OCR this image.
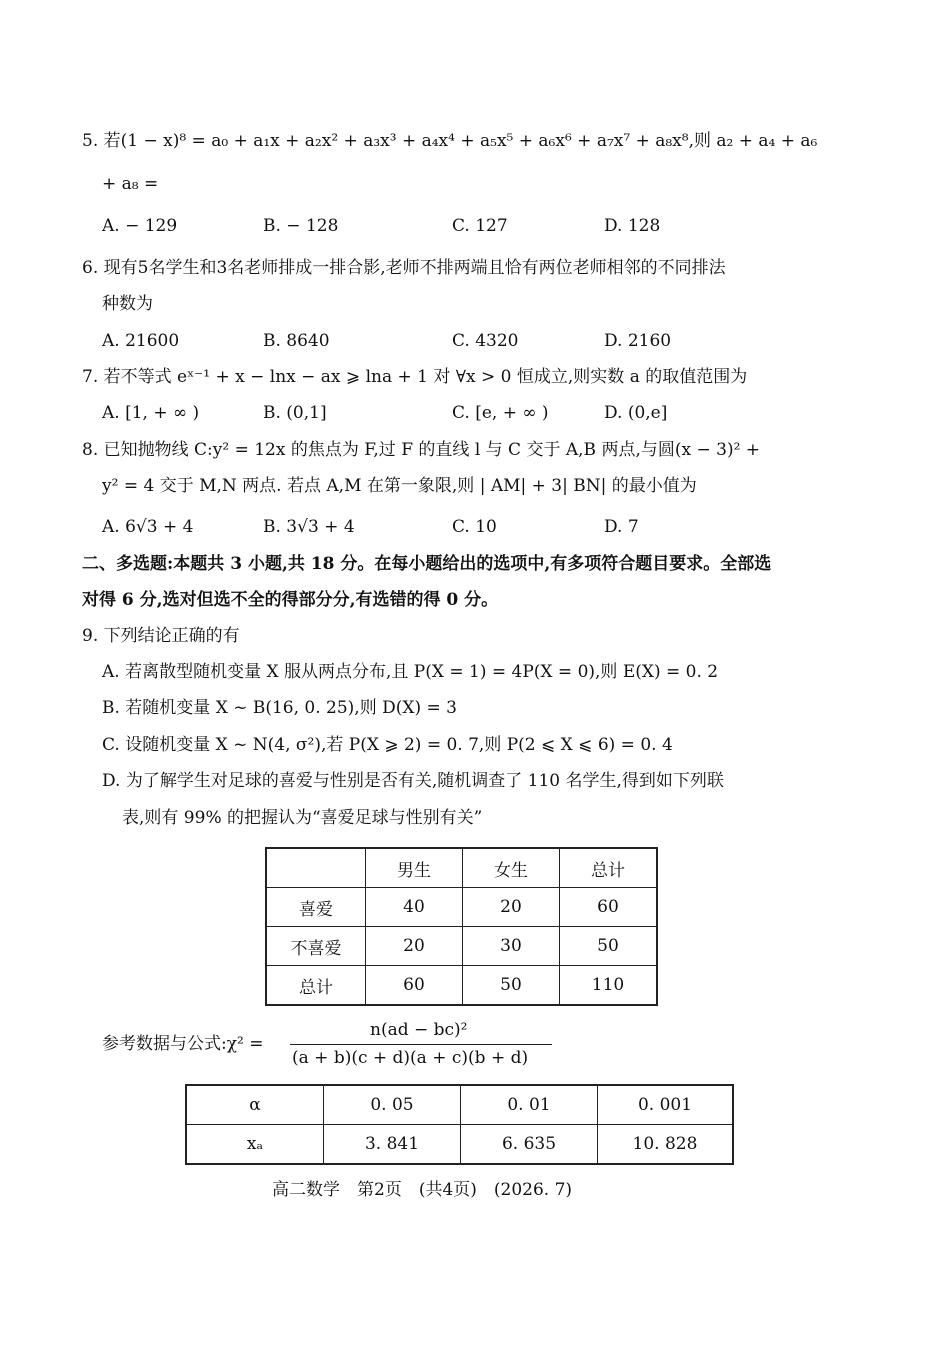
5. 若(1 − x)⁸ = a₀ + a₁x + a₂x² + a₃x³ + a₄x⁴ + a₅x⁵ + a₆x⁶ + a₇x⁷ + a₈x⁸,则 a₂ + a₄ + a₆
+ a₈ =
A. − 129	B. − 128	C. 127	D. 128
6. 现有5名学生和3名老师排成一排合影,老师不排两端且恰有两位老师相邻的不同排法
种数为
A. 21600	B. 8640	C. 4320	D. 2160
7. 若不等式 eˣ⁻¹ + x − lnx − ax ⩾ lna + 1 对 ∀x > 0 恒成立,则实数 a 的取值范围为
A. [1, + ∞ )	B. (0,1]	C. [e, + ∞ )	D. (0,e]
8. 已知抛物线 C:y² = 12x 的焦点为 F,过 F 的直线 l 与 C 交于 A,B 两点,与圆(x − 3)² +
y² = 4 交于 M,N 两点. 若点 A,M 在第一象限,则 | AM| + 3| BN| 的最小值为
A. 6√3 + 4	B. 3√3 + 4	C. 10	D. 7
二、多选题:本题共 3 小题,共 18 分。在每小题给出的选项中,有多项符合题目要求。全部选
对得 6 分,选对但选不全的得部分分,有选错的得 0 分。
9. 下列结论正确的有
A. 若离散型随机变量 X 服从两点分布,且 P(X = 1) = 4P(X = 0),则 E(X) = 0. 2
B. 若随机变量 X ~ B(16, 0. 25),则 D(X) = 3
C. 设随机变量 X ~ N(4, σ²),若 P(X ⩾ 2) = 0. 7,则 P(2 ⩽ X ⩽ 6) = 0. 4
D. 为了解学生对足球的喜爱与性别是否有关,随机调查了 110 名学生,得到如下列联
表,则有 99% 的把握认为“喜爱足球与性别有关”
	男生	女生	总计
喜爱	40	20	60
不喜爱	20	30	50
总计	60	50	110
参考数据与公式:χ² =
n(ad − bc)²
(a + b)(c + d)(a + c)(b + d)
α	0. 05	0. 01	0. 001
xₐ	3. 841	6. 635	10. 828
高二数学　第2页　(共4页)　(2026. 7)
